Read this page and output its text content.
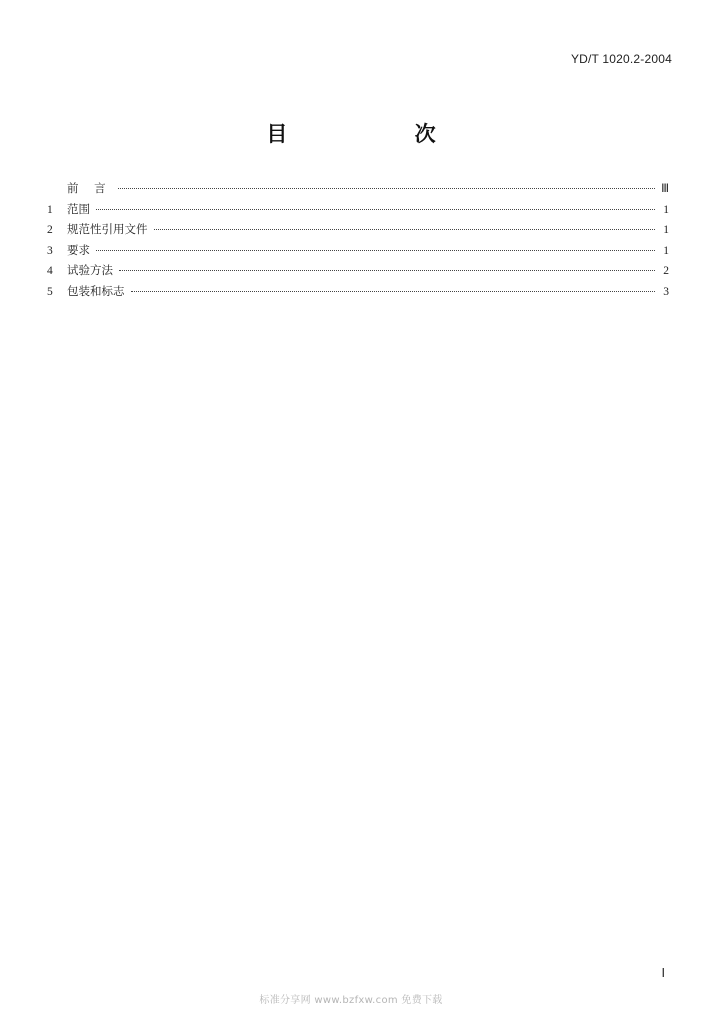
YD/T 1020.2-2004
目 次
前 言	Ⅲ
1	范围	1
2	规范性引用文件	1
3	要求	1
4	试验方法	2
5	包装和标志	3
Ⅰ
标准分享网 www.bzfxw.com 免费下载
